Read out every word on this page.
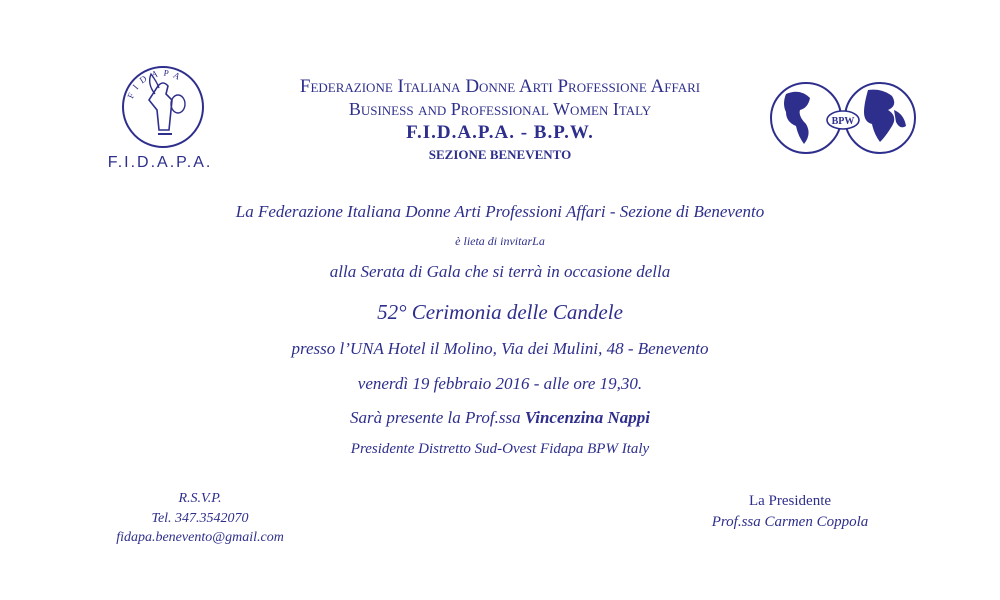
FIDAPA
F.I.D.A.P.A.
Federazione Italiana Donne Arti Professione Affari
Business and Professional Women Italy
F.I.D.A.P.A. - B.P.W.
SEZIONE BENEVENTO
BPW
La Federazione Italiana Donne Arti Professioni Affari - Sezione di Benevento
è lieta di invitarLa
alla Serata di Gala che si terrà in occasione della
52° Cerimonia delle Candele
presso l’UNA Hotel il Molino, Via dei Mulini, 48 - Benevento
venerdì 19 febbraio 2016 - alle ore 19,30.
Sarà presente la Prof.ssa Vincenzina Nappi
Presidente Distretto Sud-Ovest Fidapa BPW Italy
R.S.V.P.
Tel. 347.3542070
fidapa.benevento@gmail.com
La Presidente
Prof.ssa Carmen Coppola
